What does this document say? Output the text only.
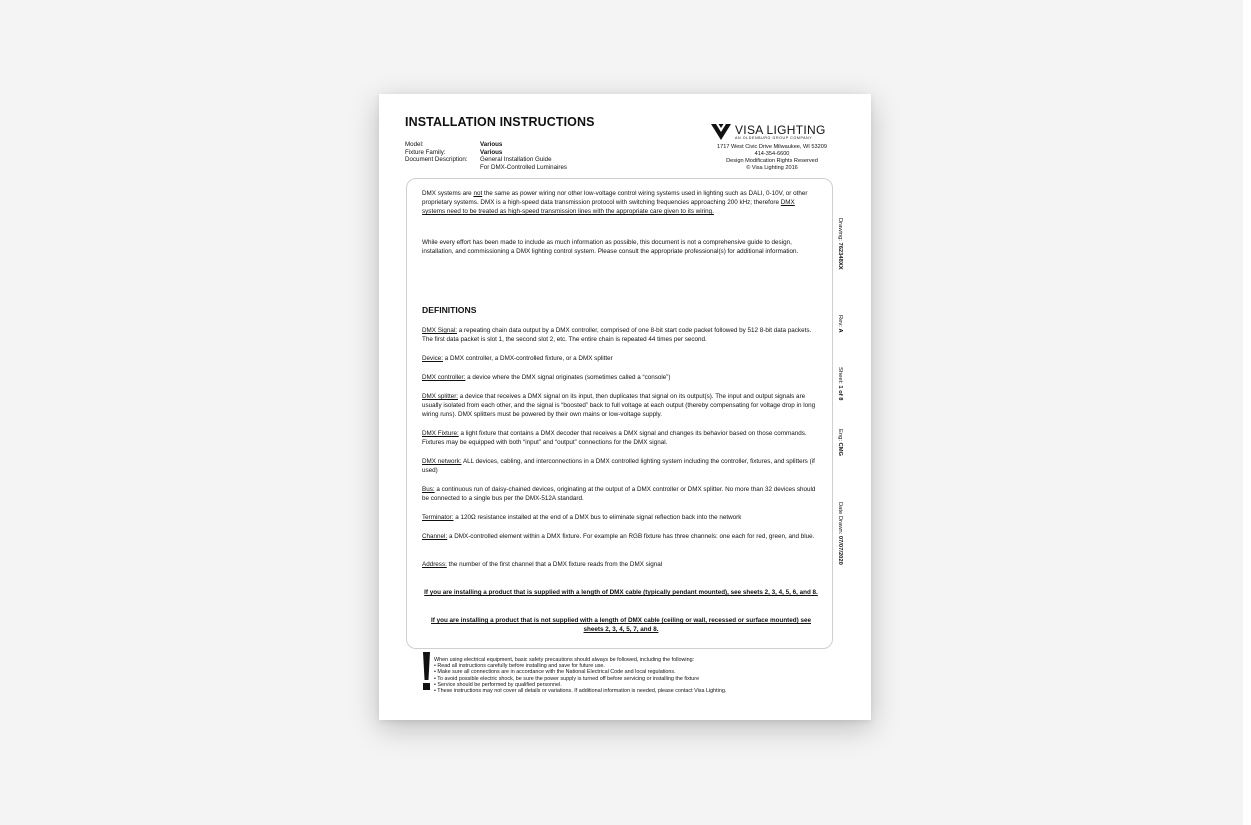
INSTALLATION INSTRUCTIONS
Model:	Various
Fixture Family:	Various
Document Description: General Installation Guide
For DMX-Controlled Luminaires
VISA LIGHTING
AN OLDENBURG GROUP COMPANY
1717 West Civic Drive Milwaukee, WI 53209
414-354-6600
Design Modification Rights Reserved
© Visa Lighting 2016

DMX systems are not the same as power wiring nor other low-voltage control wiring systems used in lighting such as DALI, 0-10V, or other proprietary systems. DMX is a high-speed data transmission protocol with switching frequencies approaching 200 kHz; therefore DMX systems need to be treated as high-speed transmission lines with the appropriate care given to its wiring.

While every effort has been made to include as much information as possible, this document is not a comprehensive guide to design, installation, and commissioning a DMX lighting control system. Please consult the appropriate professional(s) for additional information.

DEFINITIONS

DMX Signal: a repeating chain data output by a DMX controller, comprised of one 8-bit start code packet followed by 512 8-bit data packets. The first data packet is slot 1, the second slot 2, etc. The entire chain is repeated 44 times per second.

Device: a DMX controller, a DMX-controlled fixture, or a DMX splitter

DMX controller: a device where the DMX signal originates (sometimes called a “console”)

DMX splitter: a device that receives a DMX signal on its input, then duplicates that signal on its output(s). The input and output signals are usually isolated from each other, and the signal is “boosted” back to full voltage at each output (thereby compensating for voltage drop in long wiring runs). DMX splitters must be powered by their own mains or low-voltage supply.

DMX Fixture: a light fixture that contains a DMX decoder that receives a DMX signal and changes its behavior based on those commands. Fixtures may be equipped with both “input” and “output” connections for the DMX signal.

DMX network: ALL devices, cabling, and interconnections in a DMX controlled lighting system including the controller, fixtures, and splitters (if used)

Bus: a continuous run of daisy-chained devices, originating at the output of a DMX controller or DMX splitter. No more than 32 devices should be connected to a single bus per the DMX-512A standard.

Terminator: a 120Ω resistance installed at the end of a DMX bus to eliminate signal reflection back into the network

Channel: a DMX-controlled element within a DMX fixture. For example an RGB fixture has three channels: one each for red, green, and blue.

Address: the number of the first channel that a DMX fixture reads from the DMX signal

If you are installing a product that is supplied with a length of DMX cable (typically pendant mounted), see sheets 2, 3, 4, 5, 6, and 8.

If you are installing a product that is not supplied with a length of DMX cable (ceiling or wall, recessed or surface mounted) see sheets 2, 3, 4, 5, 7, and 8.

Drawing: 762348XX
Rev: A
Sheet: 1 of 8
Eng: CMG
Date Drawn: 07/07/2020
When using electrical equipment, basic safety precautions should always be followed, including the following:
• Read all instructions carefully before installing and save for future use.
• Make sure all connections are in accordance with the National Electrical Code and local regulations.
• To avoid possible electric shock, be sure the power supply is turned off before servicing or installing the fixture
• Service should be performed by qualified personnel.
• These instructions may not cover all details or variations. If additional information is needed, please contact Visa Lighting.
